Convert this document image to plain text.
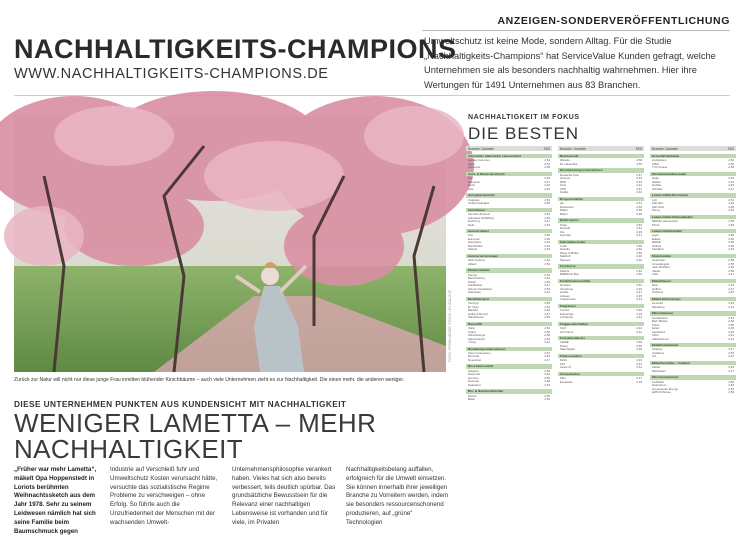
ANZEIGEN-SONDERVERÖFFENTLICHUNG
NACHHALTIGKEITS-CHAMPIONS
WWW.NACHHALTIGKEITS-CHAMPIONS.DE
Umweltschutz ist keine Mode, sondern Alltag. Für die Studie „Nachhaltigkeits-Champions“ hat ServiceValue Kunden gefragt, welche Unternehmen sie als besonders nachhaltig wahrnehmen. Hier ihre Wertungen für 1491 Unternehmen aus 83 Branchen.
FOTO: FROM ADOBE STOCK / ELISALOVE
Zurück zur Natur will nicht nur diese junge Frau inmitten blühender Kirschbäume – auch viele Unternehmen zieht es zur Nachhaltigkeit. Die einen mehr, die anderen weniger.
DIESE UNTERNEHMEN PUNKTEN AUS KUNDENSICHT MIT NACHHALTIGKEIT
WENIGER LAMETTA – MEHR NACHHALTIGKEIT
„Früher war mehr Lametta“, mäkelt Opa Hoppenstedt in Loriots berühmten Weihnachtssketch aus dem Jahr 1978. Sehr zu seinem Leidwesen nämlich hat sich seine Familie beim Baumschmuck gegen
Industrie auf Verschleiß fuhr und Umweltschutz Kosten verursacht hätte, versuchte das sozialistische Regime Probleme zu verschweigen – ohne Erfolg. So führte auch die Unzufriedenheit der Menschen mit der wachsenden Umwelt-
Unternehmensphilosophie verankert haben. Vieles hat sich also bereits verbessert, teils deutlich spürbar. Das grundsätzliche Bewusstsein für die Relevanz einer nachhaltigen Lebensweise ist vorhanden und für viele, im Privaten
Nachhaltigkeitsbelang auffallen, erfolgreich für die Umwelt einsetzen. Sie können innerhalb ihrer jeweiligen Branche zu Vorreitern werden, indem sie besonders ressourcenschonend produzieren, auf „grüne“ Technologien
NACHHALTIGKEIT IM FOKUS
DIE BESTEN
Branche / Anbieter	SKS
Alternative pflanzliche Lebensmittel
Garden Gourmet	2,54
Alpro	2,51
Vemondo	2,48
Auto- & Motorrad-Verleih
Sixt	2,49
Europcar	2,47
Hertz	2,46
Avis	2,45
Autoglasreparatur
Carglass	2,53
Junited Autoglas	2,50
Autohäuser
Porsche Zentrum	2,52
Autohaus Wolfsburg	2,49
Emil Frey	2,47
Dello	2,45
Autovermieter
Sixt	2,50
Europcar	2,48
Enterprise	2,46
Buchbinder	2,44
Starcar	2,43
Autoversicherungen
HUK-Coburg	2,52
Allianz	2,50
Bäckereiketten
Kamps	2,54
Back-Factory	2,51
Ditsch	2,49
Lila Bäcker	2,47
Wiener Feinbäcker	2,45
Steinecke	2,44
Baufinanzierer
Interhyp	2,55
Dr. Klein	2,52
Baufi24	2,49
Hüttig & Rompf	2,47
PlanetHome	2,45
Baustoffe
Xella	2,53
Knauf	2,50
Wienerberger	2,48
Saint-Gobain	2,46
Ytong	2,44
Bestattungsunternehmen
Ahorn Grieneisen	2,51
Mymoria	2,49
November	2,47
Bio-Lebensmittel
Alnatura	2,56
Rapunzel	2,53
dennree	2,50
Demeter	2,48
Naturland	2,46
Bio- & Naturkosthändler
Denns	2,55
Basic	2,52
Branche / Anbieter	SKS
Biokosmetik
Weleda	2,58
Dr. Hauschka	2,55
Dienstleistungsunternehmen
Deutsche Post	2,47
Hermes	2,45
DPD	2,43
GLS	2,42
UPS	2,41
FedEx	2,40
Drogeriemärkte
dm	2,57
Rossmann	2,54
Müller	2,50
Budni	2,48
Elektroautos
Tesla	2,54
Renault	2,51
Kia	2,49
Hyundai	2,47
Fahrradhersteller
Cube	2,55
Gazelle	2,52
Riese & Müller	2,50
Kalkhoff	2,48
Stevens	2,46
Fernbusse
Flixbus	2,49
BlaBlaCar Bus	2,46
Ferienhausvermittler
Novasol	2,51
Interhome	2,49
Holidu	2,47
Atraveo	2,45
Casamundo	2,44
Flugreisen
Condor	2,45
Eurowings	2,43
Lufthansa	2,42
Fluggesellschaften
KLM	2,44
Air France	2,42
Fotodienstleister
CEWE	2,53
Pixum	2,50
Saal Digital	2,48
Fitnessstudios
McFit	2,46
FitX	2,44
clever fit	2,42
Friseurketten
Klier	2,47
Essanelle	2,45
Branche / Anbieter	SKS
Kreuzfahrtanbieter
Hurtigruten	2,52
AIDA	2,50
TUI Cruises	2,48
Küchenmöbelhersteller
Nolte	2,53
Häcker	2,51
Nobilia	2,49
Schüller	2,47
Lebensmittel-Discounter
Lidl	2,51
Aldi Süd	2,49
Aldi Nord	2,48
Penny	2,46
Lebensmittel-Onlinehändler
REWE Lieferservice	2,50
Picnic	2,48
Lebensmittelhändler
tegut	2,55
Edeka	2,52
REWE	2,50
Globus	2,48
Kaufland	2,46
Modehändler
Hessnatur	2,58
Armedangels	2,55
Jack Wolfskin	2,52
Vaude	2,50
C&A	2,47
Möbelhäuser
Ikea	2,49
Höffner	2,47
XXXLutz	2,45
Möbel-Onlineshops
Home24	2,46
Westwing	2,44
Mineralwasser
Gerolsteiner	2,54
Bad Vilbeler	2,52
Volvic	2,50
Evian	2,48
Apollinaris	2,46
Vittel	2,44
Adelholzener	2,42
Mobilfunkanbieter
Telekom	2,47
Vodafone	2,45
O2	2,43
Möbelhersteller – Outdoor
Kettler	2,49
Weishäupl	2,47
Ökostromanbieter
Lichtblick	2,56
Naturstrom	2,54
Greenpeace Energy	2,52
EWS Schönau	2,50
